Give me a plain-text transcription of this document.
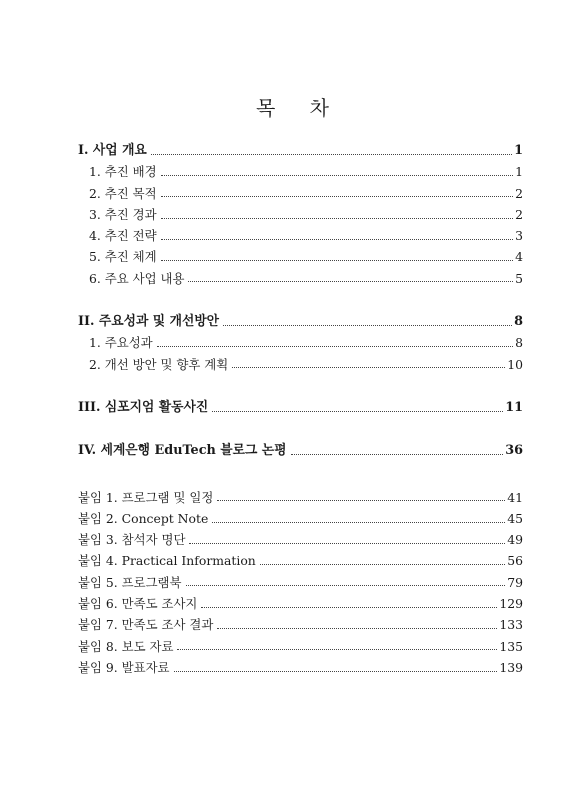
목 차
I. 사업 개요	1
1. 추진 배경	1
2. 추진 목적	2
3. 추진 경과	2
4. 추진 전략	3
5. 추진 체계	4
6. 주요 사업 내용	5
II. 주요성과 및 개선방안	8
1. 주요성과	8
2. 개선 방안 및 향후 계획	10
III. 심포지엄 활동사진	11
IV. 세계은행 EduTech 블로그 논평	36
붙임 1. 프로그램 및 일정	41
붙임 2. Concept Note	45
붙임 3. 참석자 명단	49
붙임 4. Practical Information	56
붙임 5. 프로그램북	79
붙임 6. 만족도 조사지	129
붙임 7. 만족도 조사 결과	133
붙임 8. 보도 자료	135
붙임 9. 발표자료	139
